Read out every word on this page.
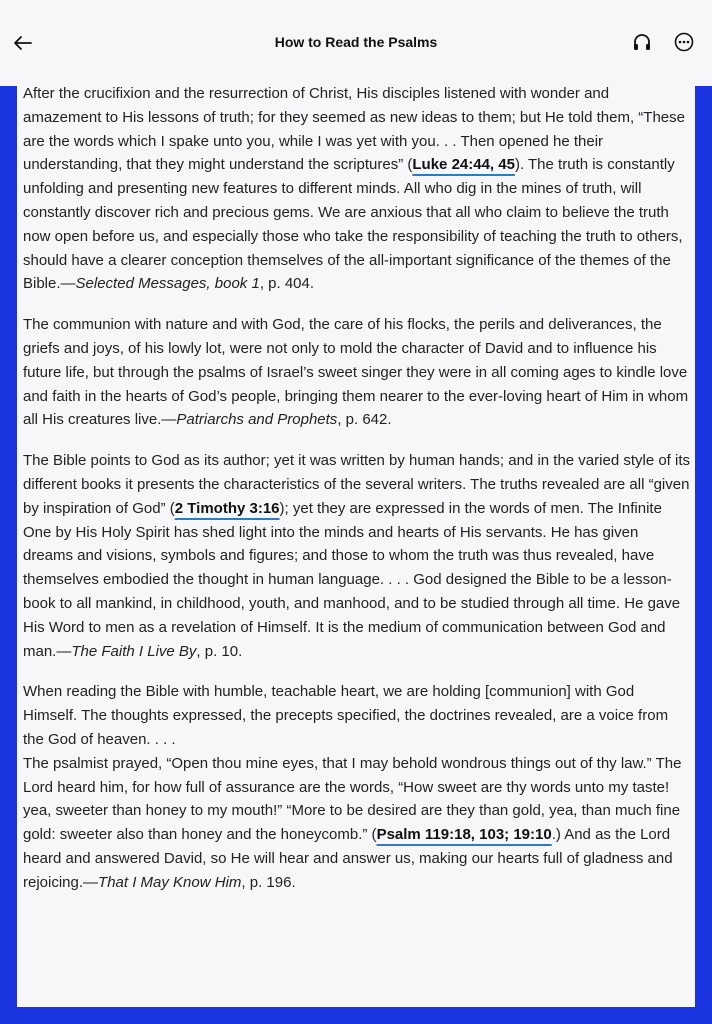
How to Read the Psalms

After the crucifixion and the resurrection of Christ, His disciples listened with wonder and amazement to His lessons of truth; for they seemed as new ideas to them; but He told them, “These are the words which I spake unto you, while I was yet with you. . . Then opened he their understanding, that they might understand the scriptures” (Luke 24:44, 45). The truth is constantly unfolding and presenting new features to different minds. All who dig in the mines of truth, will constantly discover rich and precious gems. We are anxious that all who claim to believe the truth now open before us, and especially those who take the responsibility of teaching the truth to others, should have a clearer conception themselves of the all-important significance of the themes of the Bible.—Selected Messages, book 1, p. 404.

The communion with nature and with God, the care of his flocks, the perils and deliverances, the griefs and joys, of his lowly lot, were not only to mold the character of David and to influence his future life, but through the psalms of Israel’s sweet singer they were in all coming ages to kindle love and faith in the hearts of God’s people, bringing them nearer to the ever-loving heart of Him in whom all His creatures live.—Patriarchs and Prophets, p. 642.

The Bible points to God as its author; yet it was written by human hands; and in the varied style of its different books it presents the characteristics of the several writers. The truths revealed are all “given by inspiration of God” (2 Timothy 3:16); yet they are expressed in the words of men. The Infinite One by His Holy Spirit has shed light into the minds and hearts of His servants. He has given dreams and visions, symbols and figures; and those to whom the truth was thus revealed, have themselves embodied the thought in human language. . . . God designed the Bible to be a lesson-book to all mankind, in childhood, youth, and manhood, and to be studied through all time. He gave His Word to men as a revelation of Himself. It is the medium of communication between God and man.—The Faith I Live By, p. 10.

When reading the Bible with humble, teachable heart, we are holding [communion] with God Himself. The thoughts expressed, the precepts specified, the doctrines revealed, are a voice from the God of heaven. . . .
The psalmist prayed, “Open thou mine eyes, that I may behold wondrous things out of thy law.” The Lord heard him, for how full of assurance are the words, “How sweet are thy words unto my taste! yea, sweeter than honey to my mouth!” “More to be desired are they than gold, yea, than much fine gold: sweeter also than honey and the honeycomb.” (Psalm 119:18, 103; 19:10.) And as the Lord heard and answered David, so He will hear and answer us, making our hearts full of gladness and rejoicing.—That I May Know Him, p. 196.
